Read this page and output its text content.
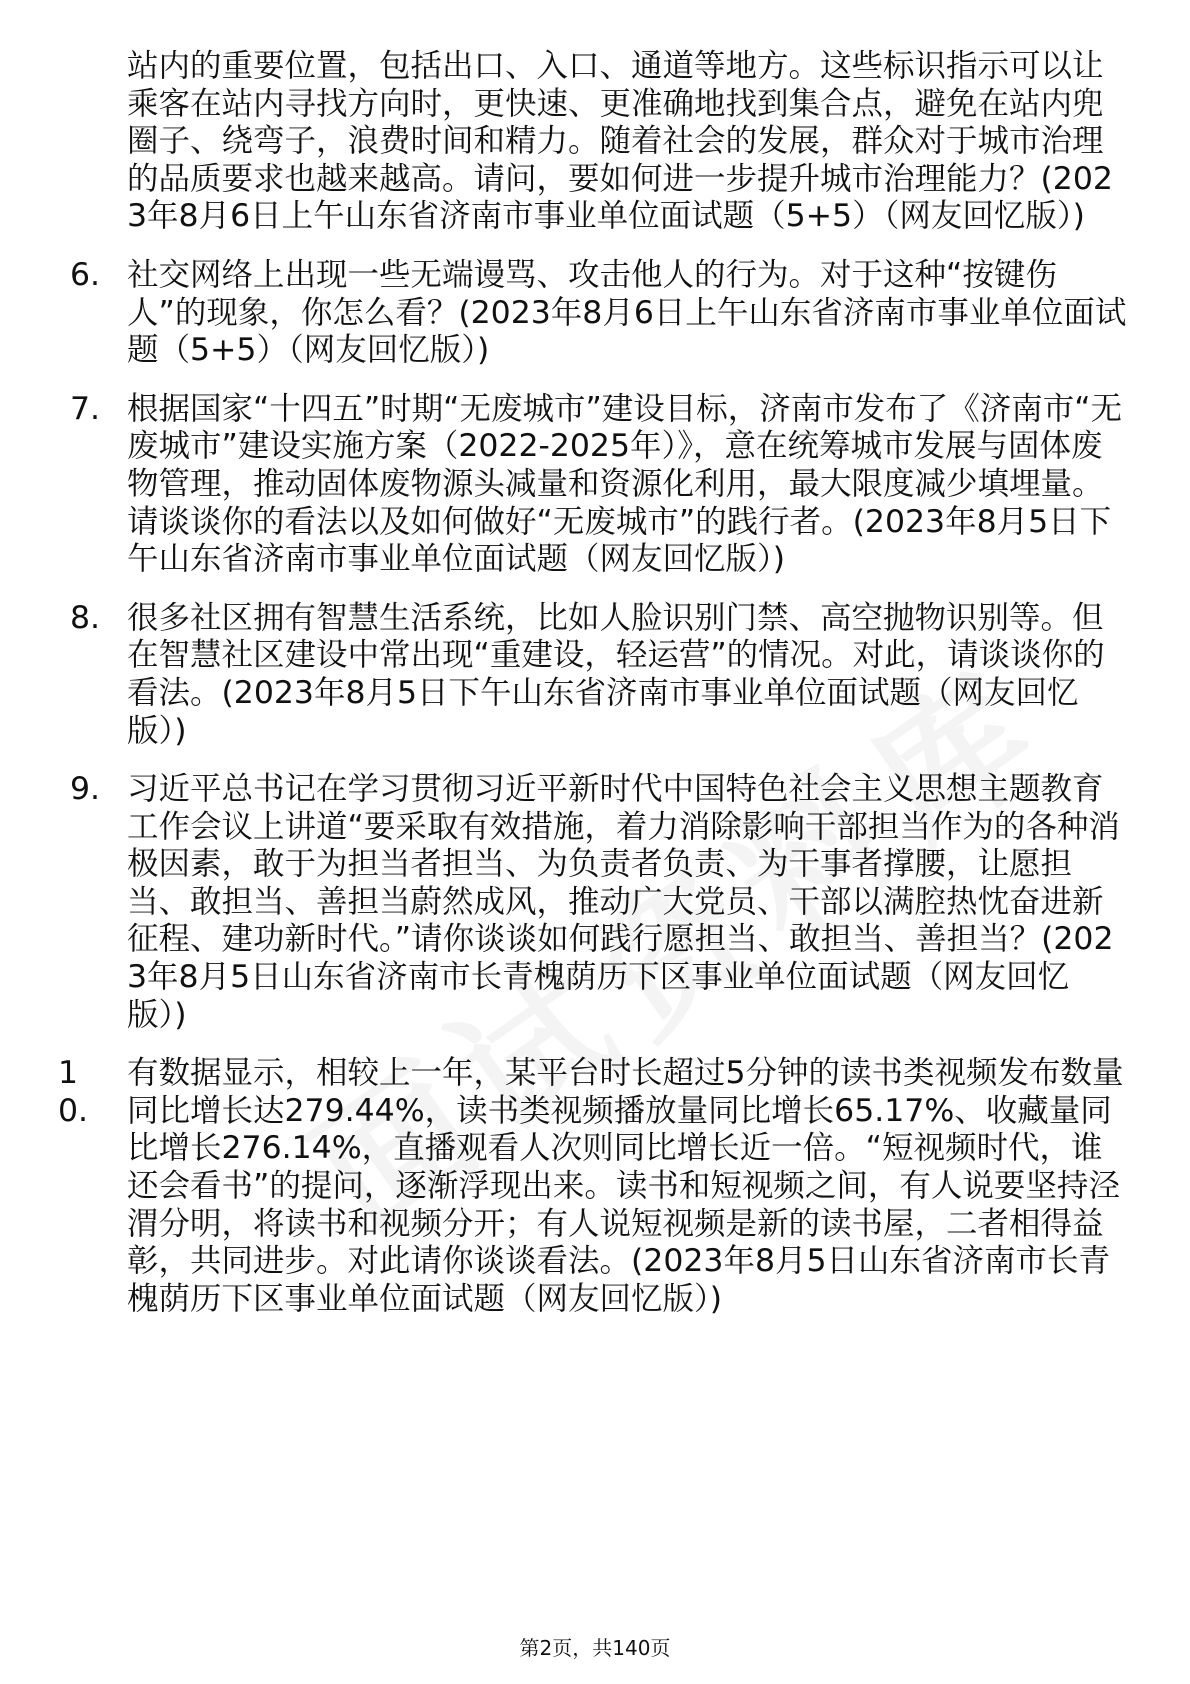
站内的重要位置，包括出口、入口、通道等地方。这些标识指示可以让乘客在站内寻找方向时，更快速、更准确地找到集合点，避免在站内兜圈子、绕弯子，浪费时间和精力。随着社会的发展，群众对于城市治理的品质要求也越来越高。请问，要如何进一步提升城市治理能力？(2023年8月6日上午山东省济南市事业单位面试题（5+5）（网友回忆版）)
6. 社交网络上出现一些无端谩骂、攻击他人的行为。对于这种“按键伤人”的现象，你怎么看？(2023年8月6日上午山东省济南市事业单位面试题（5+5）（网友回忆版）)
7. 根据国家“十四五”时期“无废城市”建设目标，济南市发布了《济南市“无废城市”建设实施方案（2022-2025年）》，意在统筹城市发展与固体废物管理，推动固体废物源头减量和资源化利用，最大限度减少填埋量。请谈谈你的看法以及如何做好“无废城市”的践行者。(2023年8月5日下午山东省济南市事业单位面试题（网友回忆版）)
8. 很多社区拥有智慧生活系统，比如人脸识别门禁、高空抛物识别等。但在智慧社区建设中常出现“重建设，轻运营”的情况。对此，请谈谈你的看法。(2023年8月5日下午山东省济南市事业单位面试题（网友回忆版）)
9. 习近平总书记在学习贯彻习近平新时代中国特色社会主义思想主题教育工作会议上讲道“要采取有效措施，着力消除影响干部担当作为的各种消极因素，敢于为担当者担当、为负责者负责、为干事者撑腰，让愿担当、敢担当、善担当蔚然成风，推动广大党员、干部以满腔热忱奋进新征程、建功新时代。”请你谈谈如何践行愿担当、敢担当、善担当？(2023年8月5日山东省济南市长青槐荫历下区事业单位面试题（网友回忆版）)
10.
有数据显示，相较上一年，某平台时长超过5分钟的读书类视频发布数量同比增长达279.44%，读书类视频播放量同比增长65.17%、收藏量同比增长276.14%，直播观看人次则同比增长近一倍。“短视频时代，谁还会看书”的提问，逐渐浮现出来。读书和短视频之间，有人说要坚持泾渭分明，将读书和视频分开；有人说短视频是新的读书屋，二者相得益彰，共同进步。对此请你谈谈看法。(2023年8月5日山东省济南市长青槐荫历下区事业单位面试题（网友回忆版）)
第2页，共140页
